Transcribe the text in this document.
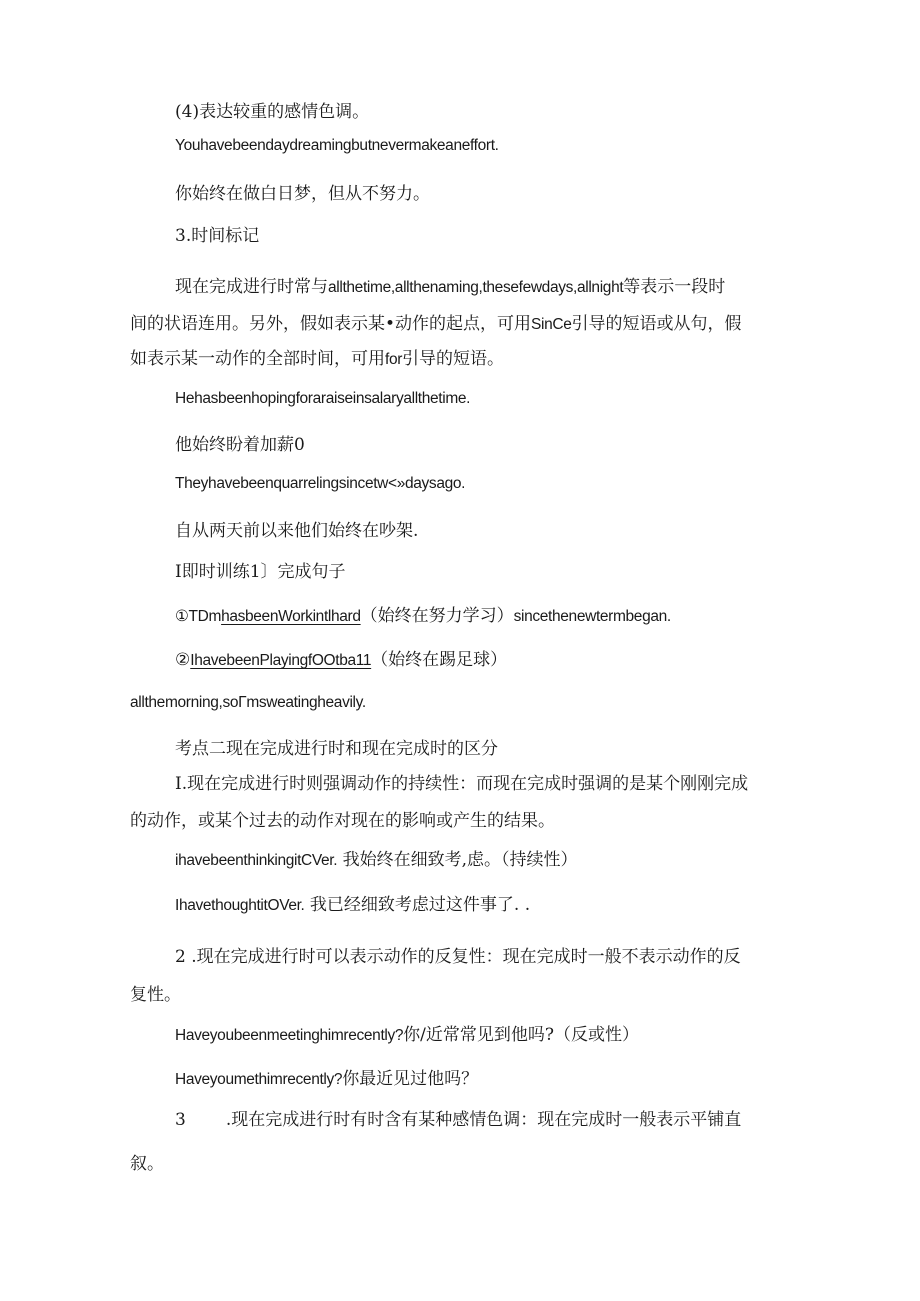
(4)表达较重的感情色调。

Youhavebeendaydreamingbutnevermakeaneffort.

你始终在做白日梦，但从不努力。

3.时间标记

现在完成进行时常与allthetime,allthenaming,thesefewdays,allnight等表示一段时

间的状语连用。另外，假如表示某•动作的起点，可用SinCe引导的短语或从句，假

如表示某一动作的全部时间，可用for引导的短语。

Hehasbeenhopingforaraiseinsalaryallthetime.

他始终盼着加薪0

Theyhavebeenquarrelingsincetw<»daysago.

自从两天前以来他们始终在吵架.

I即时训练1〕完成句子

①TDmhasbeenWorkintlhard（始终在努力学习）sincethenewtermbegan.

②IhavebeenPlayingfOOtba11（始终在踢足球）

allthemorning,soΓmsweatingheavily.

考点二现在完成进行时和现在完成时的区分

I.现在完成进行时则强调动作的持续性：而现在完成时强调的是某个刚刚完成

的动作，或某个过去的动作对现在的影响或产生的结果。

ihavebeenthinkingitCVer. 我始终在细致考,虑。（持续性）

IhavethoughtitOVer. 我已经细致考虑过这件事了. .

2 .现在完成进行时可以表示动作的反复性：现在完成时一般不表示动作的反

复性。

Haveyoubeenmeetinghimrecently?你/近常常见到他吗?（反或性）

Haveyoumethimrecently?你最近见过他吗？

3 .现在完成进行时有时含有某种感情色调：现在完成时一般表示平铺直

叙。
